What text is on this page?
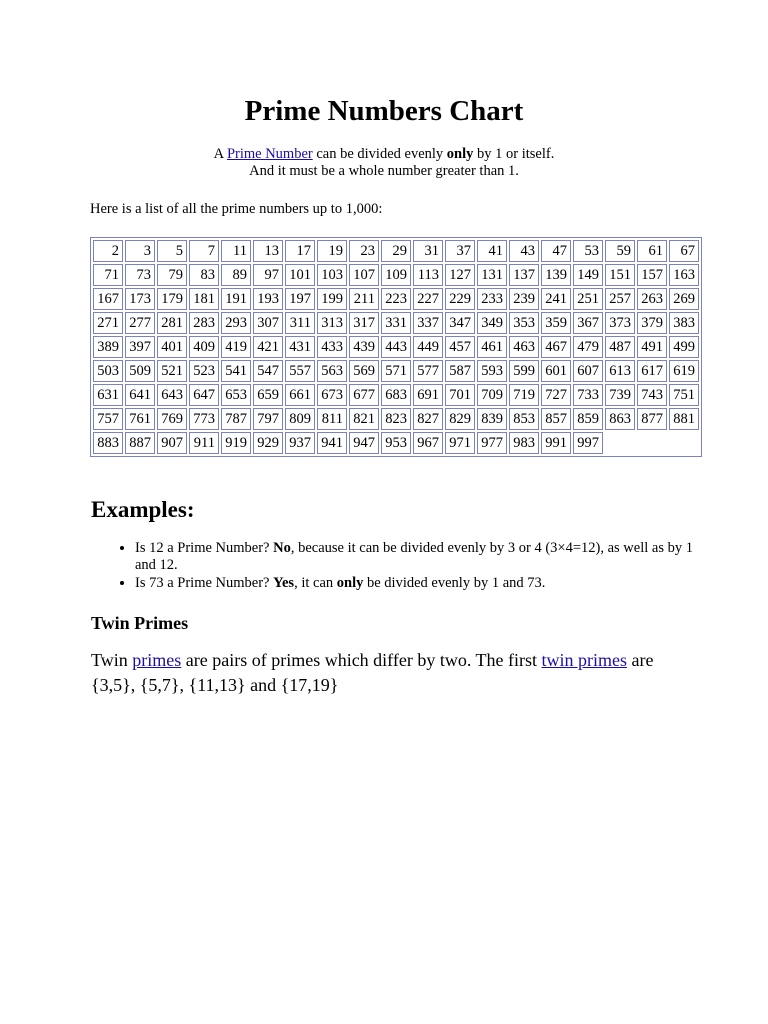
Prime Numbers Chart
A Prime Number can be divided evenly only by 1 or itself.
And it must be a whole number greater than 1.
Here is a list of all the prime numbers up to 1,000:
2	3	5	7	11	13	17	19	23	29	31	37	41	43	47	53	59	61	67
71	73	79	83	89	97	101	103	107	109	113	127	131	137	139	149	151	157	163
167	173	179	181	191	193	197	199	211	223	227	229	233	239	241	251	257	263	269
271	277	281	283	293	307	311	313	317	331	337	347	349	353	359	367	373	379	383
389	397	401	409	419	421	431	433	439	443	449	457	461	463	467	479	487	491	499
503	509	521	523	541	547	557	563	569	571	577	587	593	599	601	607	613	617	619
631	641	643	647	653	659	661	673	677	683	691	701	709	719	727	733	739	743	751
757	761	769	773	787	797	809	811	821	823	827	829	839	853	857	859	863	877	881
883	887	907	911	919	929	937	941	947	953	967	971	977	983	991	997			
Examples:
• Is 12 a Prime Number? No, because it can be divided evenly by 3 or 4 (3×4=12), as well as by 1 and 12.
• Is 73 a Prime Number? Yes, it can only be divided evenly by 1 and 73.
Twin Primes

Twin primes are pairs of primes which differ by two. The first twin primes are {3,5}, {5,7}, {11,13} and {17,19}
